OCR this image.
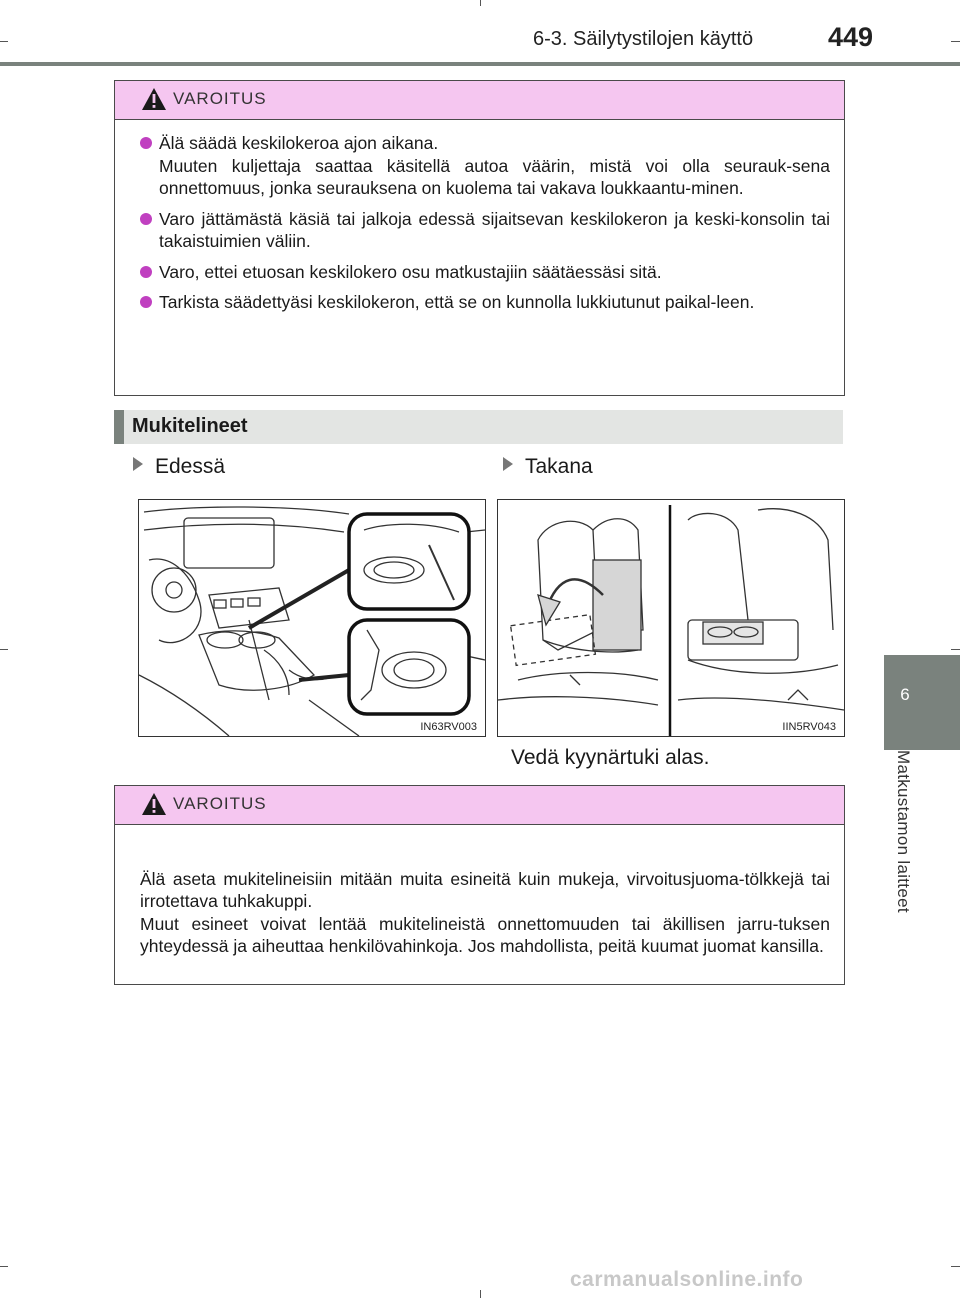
6-3. Säilytystilojen käyttö	449
6
Matkustamon laitteet
VAROITUS
Älä säädä keskilokeroa ajon aikana.
Muuten kuljettaja saattaa käsitellä autoa väärin, mistä voi olla seurauk-sena onnettomuus, jonka seurauksena on kuolema tai vakava loukkaantu-minen.
Varo jättämästä käsiä tai jalkoja edessä sijaitsevan keskilokeron ja keski-konsolin tai takaistuimien väliin.
Varo, ettei etuosan keskilokero osu matkustajiin säätäessäsi sitä.
Tarkista säädettyäsi keskilokeron, että se on kunnolla lukkiutunut paikal-leen.
Mukitelineet
Edessä	Takana
IN63RV003	IIN5RV043
Vedä kyynärtuki alas.
VAROITUS

Älä aseta mukitelineisiin mitään muita esineitä kuin mukeja, virvoitusjuoma-tölkkejä tai irrotettava tuhkakuppi.
Muut esineet voivat lentää mukitelineistä onnettomuuden tai äkillisen jarru-tuksen yhteydessä ja aiheuttaa henkilövahinkoja. Jos mahdollista, peitä kuumat juomat kansilla.

carmanualsonline.info
